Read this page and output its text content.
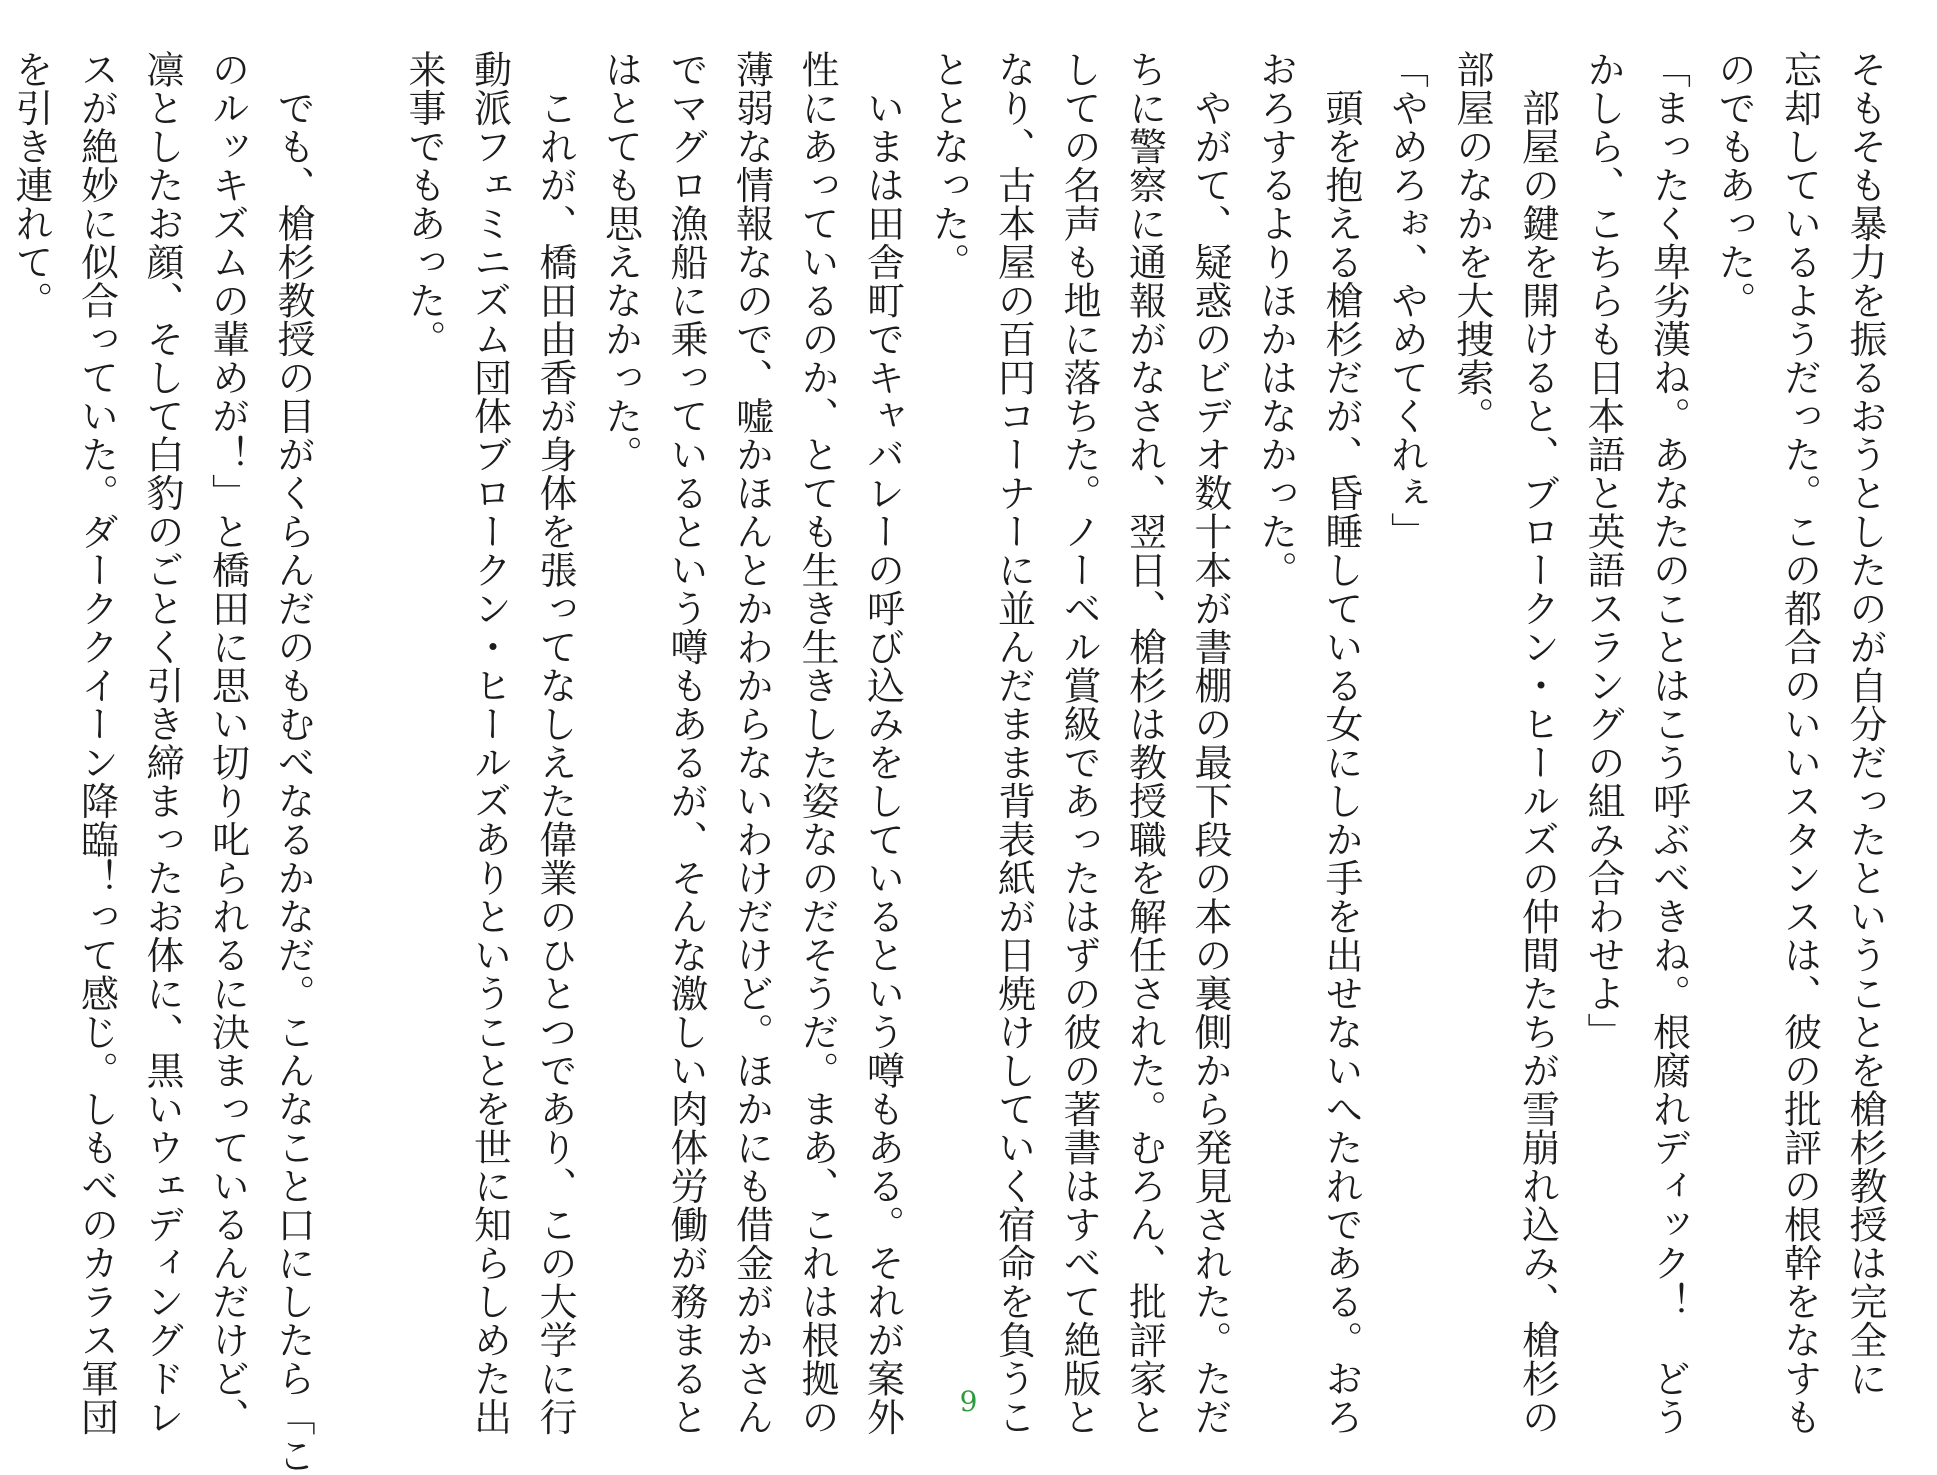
そもそも暴力を振るおうとしたのが自分だったということを槍杉教授は完全に
忘却しているようだった。この都合のいいスタンスは、彼の批評の根幹をなすも
のでもあった。
「まったく卑劣漢ね。あなたのことはこう呼ぶべきね。根腐れディック！　どう
かしら、こちらも日本語と英語スラングの組み合わせよ」
　部屋の鍵を開けると、ブロークン・ヒールズの仲間たちが雪崩れ込み、槍杉の
部屋のなかを大捜索。
「やめろぉ、やめてくれぇ」
　頭を抱える槍杉だが、昏睡している女にしか手を出せないへたれである。おろ
おろするよりほかはなかった。
　やがて、疑惑のビデオ数十本が書棚の最下段の本の裏側から発見された。ただ
ちに警察に通報がなされ、翌日、槍杉は教授職を解任された。むろん、批評家と
しての名声も地に落ちた。ノーベル賞級であったはずの彼の著書はすべて絶版と
なり、古本屋の百円コーナーに並んだまま背表紙が日焼けしていく宿命を負うこ
ととなった。
　いまは田舎町でキャバレーの呼び込みをしているという噂もある。それが案外
性にあっているのか、とても生き生きした姿なのだそうだ。まあ、これは根拠の
薄弱な情報なので、嘘かほんとかわからないわけだけど。ほかにも借金がかさん
でマグロ漁船に乗っているという噂もあるが、そんな激しい肉体労働が務まると
はとても思えなかった。
　これが、橋田由香が身体を張ってなしえた偉業のひとつであり、この大学に行
動派フェミニズム団体ブロークン・ヒールズありということを世に知らしめた出
来事でもあった。
　でも、槍杉教授の目がくらんだのもむべなるかなだ。こんなこと口にしたら「こ
のルッキズムの輩めが！」と橋田に思い切り叱られるに決まっているんだけど、
凛としたお顔、そして白豹のごとく引き締まったお体に、黒いウェディングドレ
スが絶妙に似合っていた。ダーククイーン降臨！って感じ。しもべのカラス軍団
を引き連れて。
9
